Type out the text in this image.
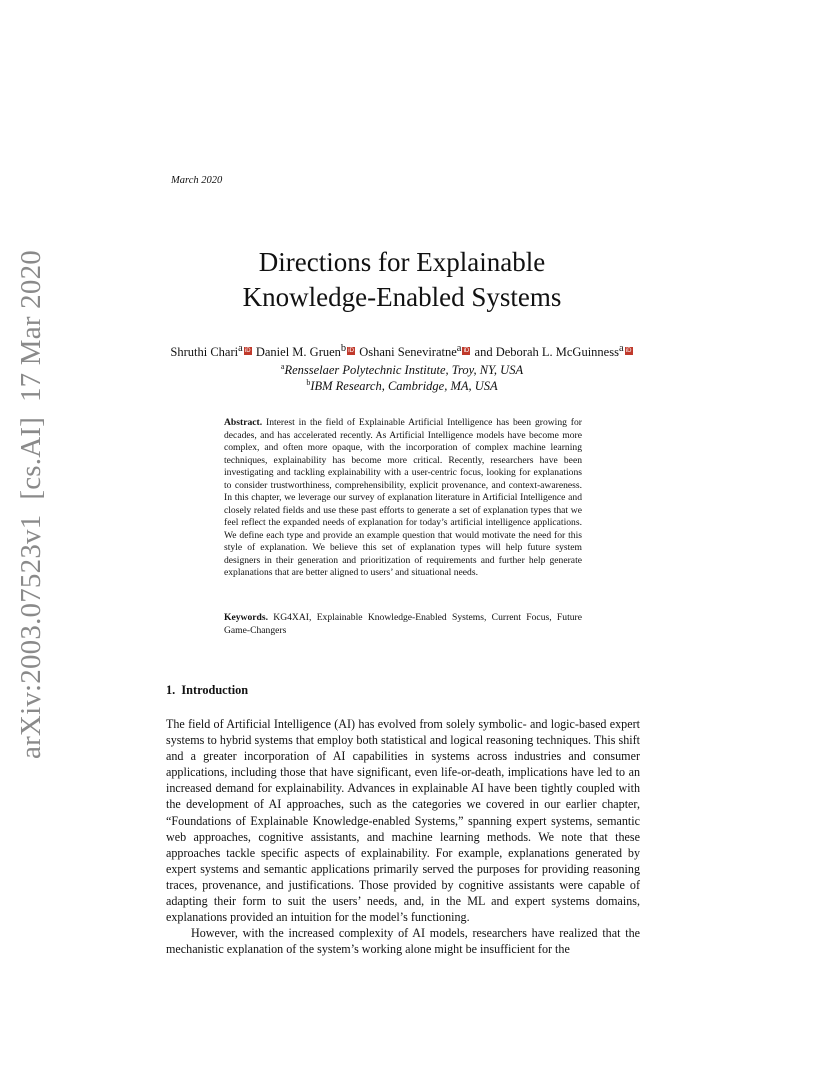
arXiv:2003.07523v1  [cs.AI]  17 Mar 2020
March 2020
Directions for Explainable
Knowledge-Enabled Systems
Shruthi Chari$^a$ iD Daniel M. Gruen$^b$ iD Oshani Seneviratne$^a$ iD and Deborah L. McGuinness$^a$ iD
$^a$Rensselaer Polytechnic Institute, Troy, NY, USA
$^b$IBM Research, Cambridge, MA, USA
Abstract. Interest in the field of Explainable Artificial Intelligence has been growing for decades, and has accelerated recently. As Artificial Intelligence models have become more complex, and often more opaque, with the incorporation of complex machine learning techniques, explainability has become more critical. Recently, researchers have been investigating and tackling explainability with a user-centric focus, looking for explanations to consider trustworthiness, comprehensibility, explicit provenance, and context-awareness. In this chapter, we leverage our survey of explanation literature in Artificial Intelligence and closely related fields and use these past efforts to generate a set of explanation types that we feel reflect the expanded needs of explanation for today’s artificial intelligence applications. We define each type and provide an example question that would motivate the need for this style of explanation. We believe this set of explanation types will help future system designers in their generation and prioritization of requirements and further help generate explanations that are better aligned to users’ and situational needs.
Keywords. KG4XAI, Explainable Knowledge-Enabled Systems, Current Focus, Future Game-Changers
1. Introduction

The field of Artificial Intelligence (AI) has evolved from solely symbolic- and logic-based expert systems to hybrid systems that employ both statistical and logical reasoning techniques. This shift and a greater incorporation of AI capabilities in systems across industries and consumer applications, including those that have significant, even life-or-death, implications have led to an increased demand for explainability. Advances in explainable AI have been tightly coupled with the development of AI approaches, such as the categories we covered in our earlier chapter, “Foundations of Explainable Knowledge-enabled Systems,” spanning expert systems, semantic web approaches, cognitive assistants, and machine learning methods. We note that these approaches tackle specific aspects of explainability. For example, explanations generated by expert systems and semantic applications primarily served the purposes for providing reasoning traces, provenance, and justifications. Those provided by cognitive assistants were capable of adapting their form to suit the users’ needs, and, in the ML and expert systems domains, explanations provided an intuition for the model’s functioning.

However, with the increased complexity of AI models, researchers have realized that the mechanistic explanation of the system’s working alone might be insufficient for the
